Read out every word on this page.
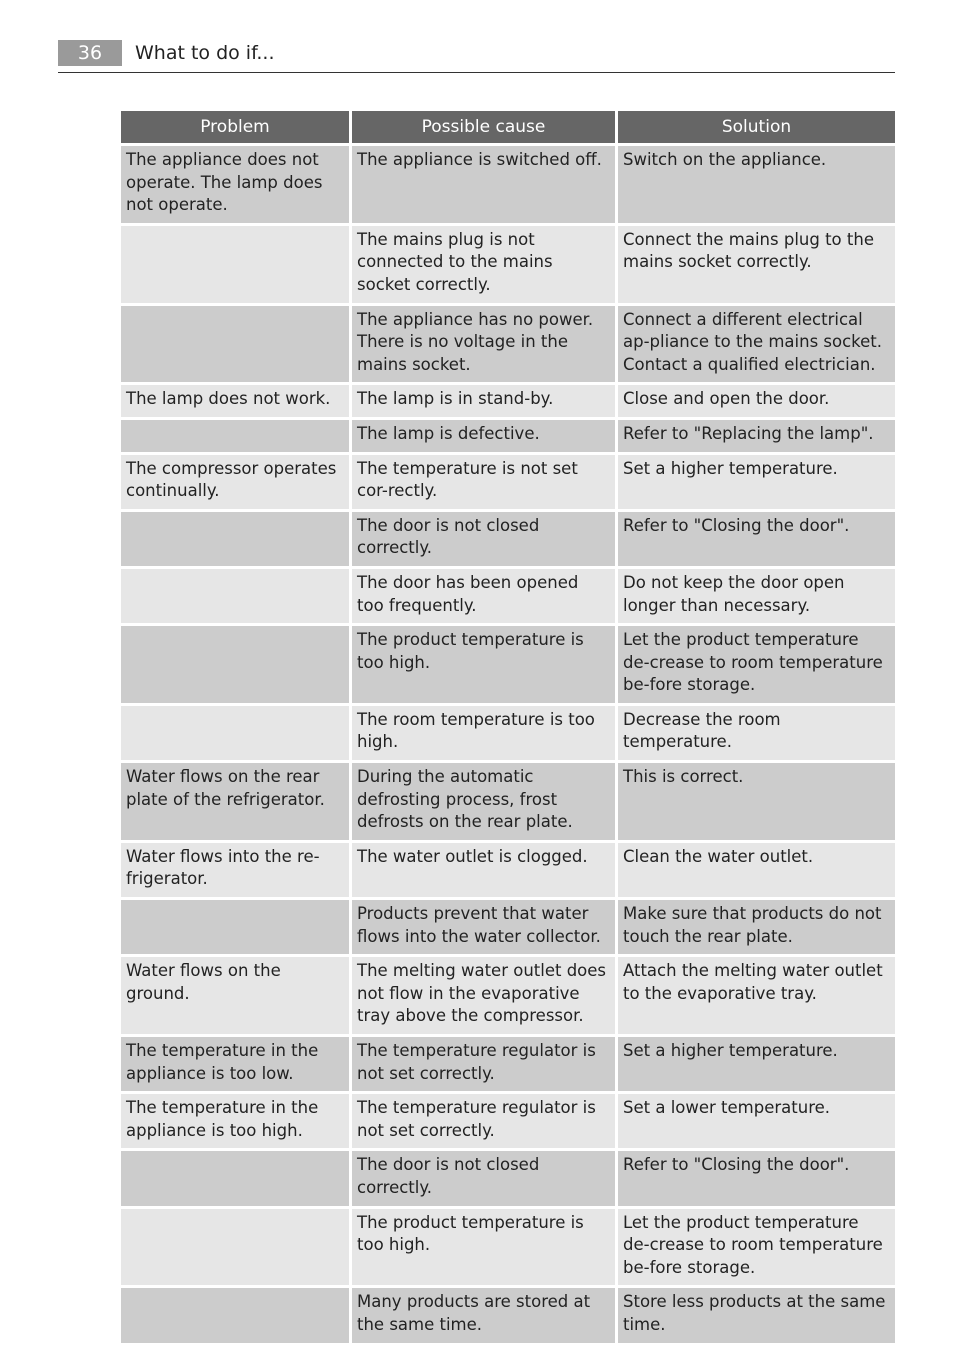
36	What to do if...
Problem	Possible cause	Solution
The appliance does not operate. The lamp does not operate.	The appliance is switched off.	Switch on the appliance.
	The mains plug is not connected to the mains socket correctly.	Connect the mains plug to the mains socket correctly.
	The appliance has no power. There is no voltage in the mains socket.	Connect a different electrical ap-pliance to the mains socket. Contact a qualified electrician.
The lamp does not work.	The lamp is in stand-by.	Close and open the door.
	The lamp is defective.	Refer to "Replacing the lamp".
The compressor operates continually.	The temperature is not set cor-rectly.	Set a higher temperature.
	The door is not closed correctly.	Refer to "Closing the door".
	The door has been opened too frequently.	Do not keep the door open longer than necessary.
	The product temperature is too high.	Let the product temperature de-crease to room temperature be-fore storage.
	The room temperature is too high.	Decrease the room temperature.
Water flows on the rear plate of the refrigerator.	During the automatic defrosting process, frost defrosts on the rear plate.	This is correct.
Water flows into the re-frigerator.	The water outlet is clogged.	Clean the water outlet.
	Products prevent that water flows into the water collector.	Make sure that products do not touch the rear plate.
Water flows on the ground.	The melting water outlet does not flow in the evaporative tray above the compressor.	Attach the melting water outlet to the evaporative tray.
The temperature in the appliance is too low.	The temperature regulator is not set correctly.	Set a higher temperature.
The temperature in the appliance is too high.	The temperature regulator is not set correctly.	Set a lower temperature.
	The door is not closed correctly.	Refer to "Closing the door".
	The product temperature is too high.	Let the product temperature de-crease to room temperature be-fore storage.
	Many products are stored at the same time.	Store less products at the same time.
